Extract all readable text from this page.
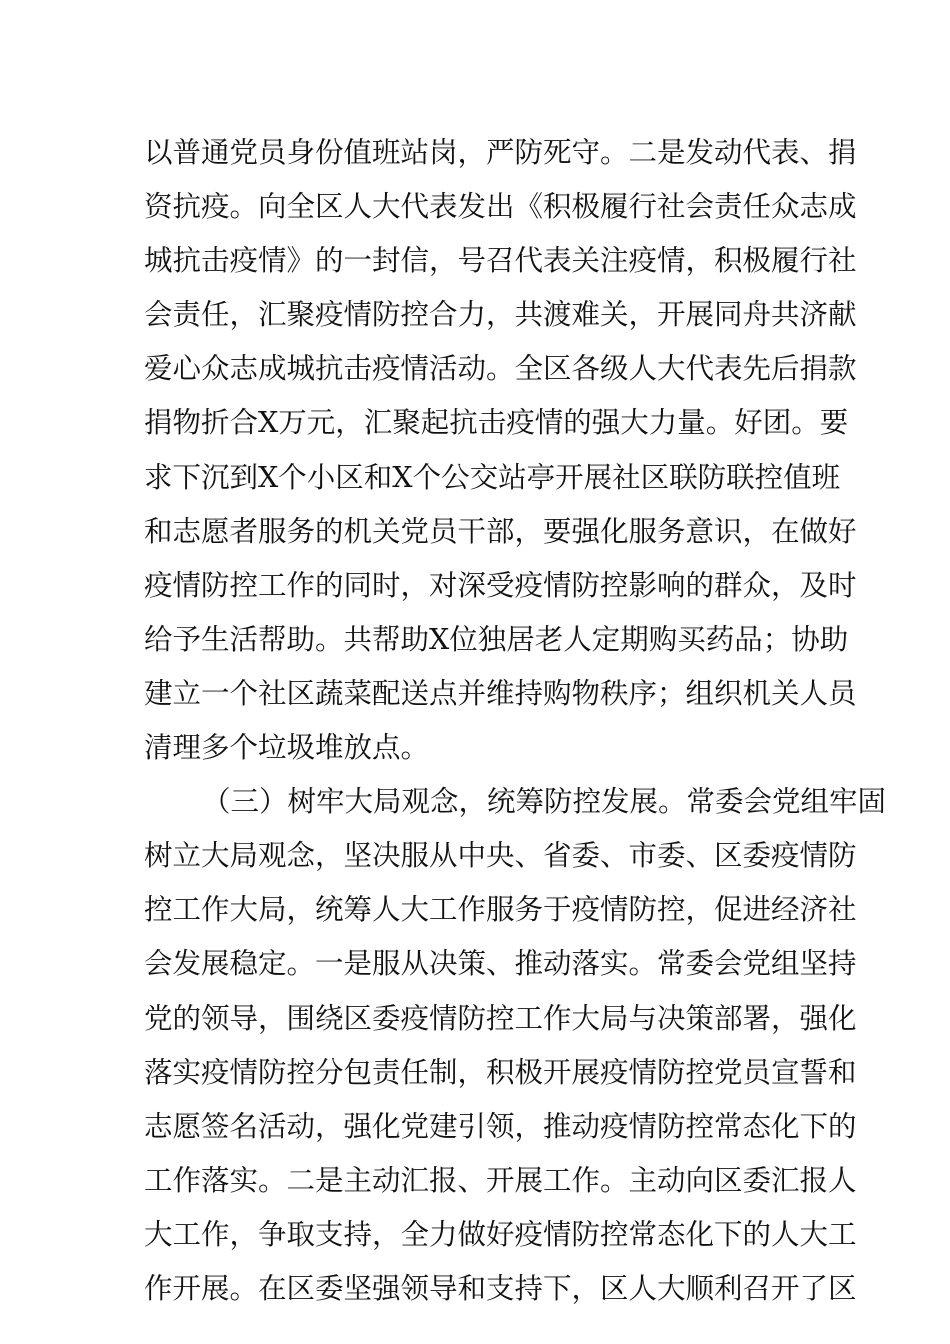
以普通党员身份值班站岗，严防死守。二是发动代表、捐
资抗疫。向全区人大代表发出《积极履行社会责任众志成
城抗击疫情》的一封信，号召代表关注疫情，积极履行社
会责任，汇聚疫情防控合力，共渡难关，开展同舟共济献
爱心众志成城抗击疫情活动。全区各级人大代表先后捐款
捐物折合X万元，汇聚起抗击疫情的强大力量。好团。要
求下沉到X个小区和X个公交站亭开展社区联防联控值班
和志愿者服务的机关党员干部，要强化服务意识，在做好
疫情防控工作的同时，对深受疫情防控影响的群众，及时
给予生活帮助。共帮助X位独居老人定期购买药品；协助
建立一个社区蔬菜配送点并维持购物秩序；组织机关人员
清理多个垃圾堆放点。
（三）树牢大局观念，统筹防控发展。常委会党组牢固
树立大局观念，坚决服从中央、省委、市委、区委疫情防
控工作大局，统筹人大工作服务于疫情防控，促进经济社
会发展稳定。一是服从决策、推动落实。常委会党组坚持
党的领导，围绕区委疫情防控工作大局与决策部署，强化
落实疫情防控分包责任制，积极开展疫情防控党员宣誓和
志愿签名活动，强化党建引领，推动疫情防控常态化下的
工作落实。二是主动汇报、开展工作。主动向区委汇报人
大工作，争取支持，全力做好疫情防控常态化下的人大工
作开展。在区委坚强领导和支持下，区人大顺利召开了区
